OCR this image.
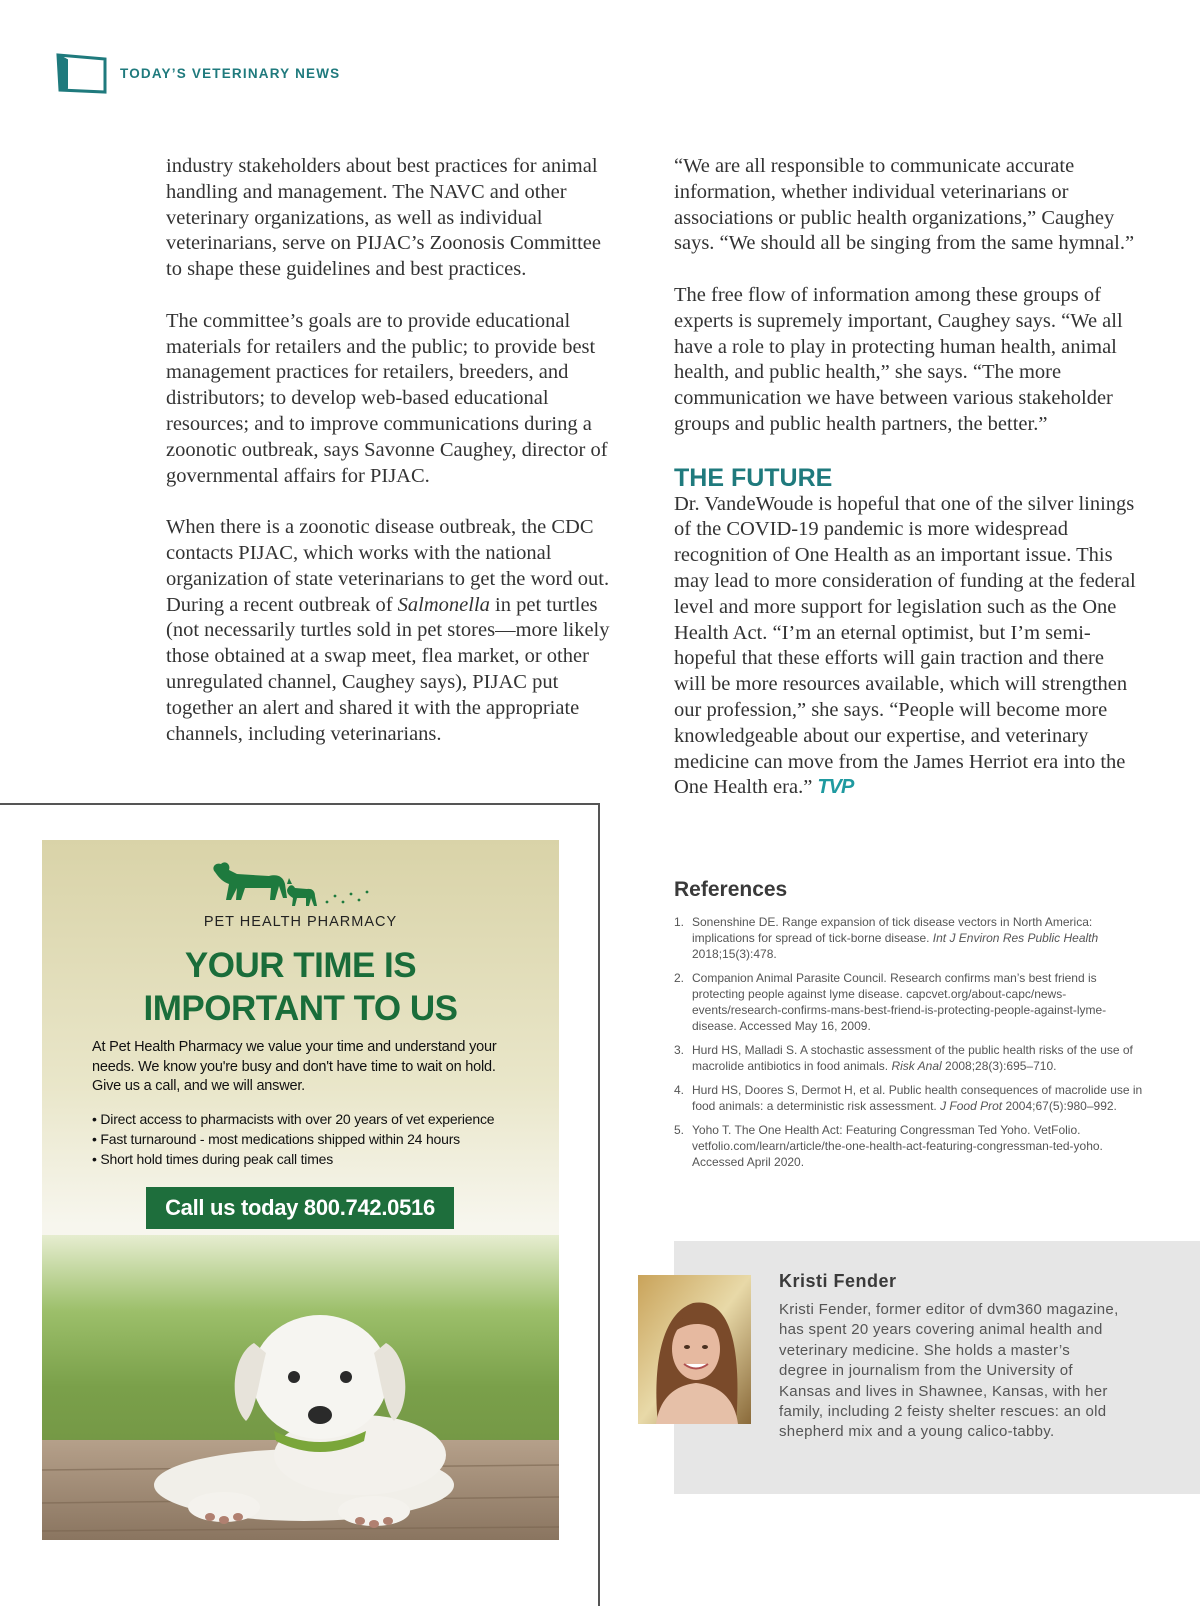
TODAY’S VETERINARY NEWS

industry stakeholders about best practices for animal handling and management. The NAVC and other veterinary organizations, as well as individual veterinarians, serve on PIJAC’s Zoonosis Committee to shape these guidelines and best practices.

The committee’s goals are to provide educational materials for retailers and the public; to provide best management practices for retailers, breeders, and distributors; to develop web-based educational resources; and to improve communications during a zoonotic outbreak, says Savonne Caughey, director of governmental affairs for PIJAC.

When there is a zoonotic disease outbreak, the CDC contacts PIJAC, which works with the national organization of state veterinarians to get the word out. During a recent outbreak of Salmonella in pet turtles (not necessarily turtles sold in pet stores—more likely those obtained at a swap meet, flea market, or other unregulated channel, Caughey says), PIJAC put together an alert and shared it with the appropriate channels, including veterinarians.

“We are all responsible to communicate accurate information, whether individual veterinarians or associations or public health organizations,” Caughey says. “We should all be singing from the same hymnal.”

The free flow of information among these groups of experts is supremely important, Caughey says. “We all have a role to play in protecting human health, animal health, and public health,” she says. “The more communication we have between various stakeholder groups and public health partners, the better.”

THE FUTURE

Dr. VandeWoude is hopeful that one of the silver linings of the COVID-19 pandemic is more widespread recognition of One Health as an important issue. This may lead to more consideration of funding at the federal level and more support for legislation such as the One Health Act. “I’m an eternal optimist, but I’m semi-hopeful that these efforts will gain traction and there will be more resources available, which will strengthen our profession,” she says. “People will become more knowledgeable about our expertise, and veterinary medicine can move from the James Herriot era into the One Health era.” TVP

References
1. Sonenshine DE. Range expansion of tick disease vectors in North America: implications for spread of tick-borne disease. Int J Environ Res Public Health 2018;15(3):478.
2. Companion Animal Parasite Council. Research confirms man’s best friend is protecting people against lyme disease. capcvet.org/about-capc/news-events/research-confirms-mans-best-friend-is-protecting-people-against-lyme-disease. Accessed May 16, 2009.
3. Hurd HS, Malladi S. A stochastic assessment of the public health risks of the use of macrolide antibiotics in food animals. Risk Anal 2008;28(3):695–710.
4. Hurd HS, Doores S, Dermot H, et al. Public health consequences of macrolide use in food animals: a deterministic risk assessment. J Food Prot 2004;67(5):980–992.
5. Yoho T. The One Health Act: Featuring Congressman Ted Yoho. VetFolio. vetfolio.com/learn/article/the-one-health-act-featuring-congressman-ted-yoho. Accessed April 2020.
Kristi Fender
Kristi Fender, former editor of dvm360 magazine, has spent 20 years covering animal health and veterinary medicine. She holds a master’s degree in journalism from the University of Kansas and lives in Shawnee, Kansas, with her family, including 2 feisty shelter rescues: an old shepherd mix and a young calico-tabby.
PET HEALTH PHARMACY
YOUR TIME IS
IMPORTANT TO US
At Pet Health Pharmacy we value your time and understand your needs. We know you're busy and don't have time to wait on hold. Give us a call, and we will answer.
• Direct access to pharmacists with over 20 years of vet experience
• Fast turnaround - most medications shipped within 24 hours
• Short hold times during peak call times
Call us today 800.742.0516
